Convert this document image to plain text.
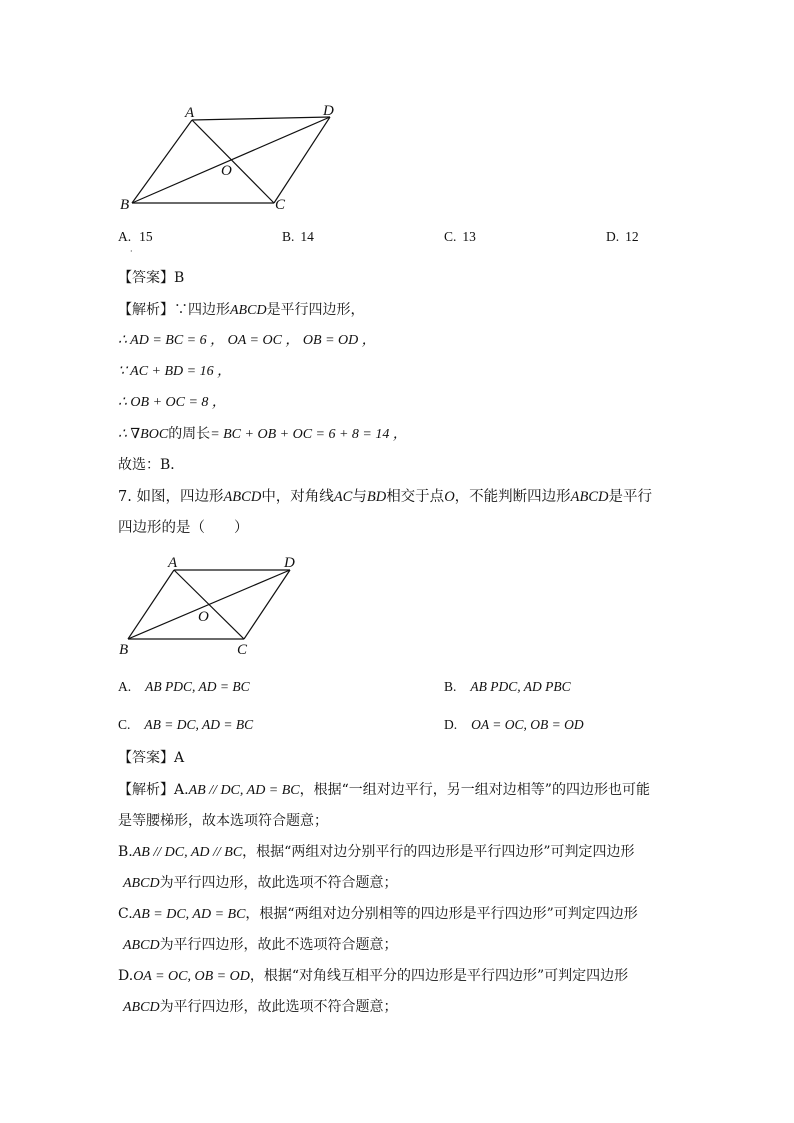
A	D
O
B	C
A. 15	B. 14	C. 13	D. 12
·
【答案】B
【解析】∵四边形ABCD是平行四边形，
∴ AD = BC = 6 ， OA = OC ， OB = OD ，
∵ AC + BD = 16 ，
∴ OB + OC = 8 ，
∴ ∇BOC的周长= BC + OB + OC = 6 + 8 = 14 ，
故选：B．
7. 如图，四边形ABCD中，对角线AC与BD相交于点O，不能判断四边形ABCD是平行
四边形的是（　　）
A	D
O
B	C
A. AB PDC, AD = BC	B. AB PDC, AD PBC
C. AB = DC, AD = BC	D. OA = OC, OB = OD
【答案】A
【解析】A.AB // DC, AD = BC，根据“一组对边平行，另一组对边相等”的四边形也可能
是等腰梯形，故本选项符合题意；
B.AB // DC, AD // BC，根据“两组对边分别平行的四边形是平行四边形”可判定四边形
ABCD为平行四边形，故此选项不符合题意；
C.AB = DC, AD = BC，根据“两组对边分别相等的四边形是平行四边形”可判定四边形
ABCD为平行四边形，故此不选项符合题意；
D.OA = OC, OB = OD，根据“对角线互相平分的四边形是平行四边形”可判定四边形
ABCD为平行四边形，故此选项不符合题意；
